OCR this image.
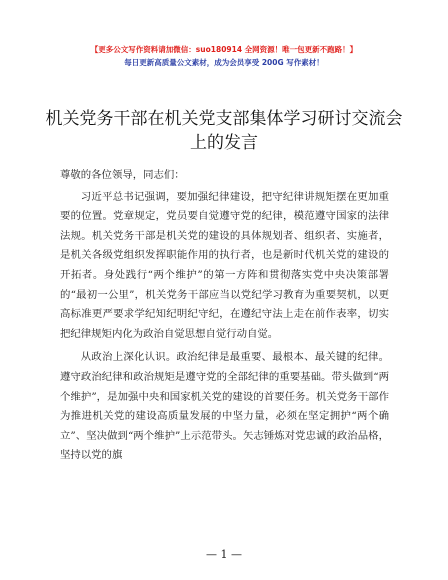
【更多公文写作资料请加微信：suo180914 全网资源！唯一包更新不跑路！】
每日更新高质量公文素材，成为会员享受 200G 写作素材！
机关党务干部在机关党支部集体学习研讨交流会上的发言

尊敬的各位领导，同志们：

习近平总书记强调，要加强纪律建设，把守纪律讲规矩摆在更加重要的位置。党章规定，党员要自觉遵守党的纪律，模范遵守国家的法律法规。机关党务干部是机关党的建设的具体规划者、组织者、实施者，是机关各级党组织发挥职能作用的执行者，也是新时代机关党的建设的开拓者。身处践行“两个维护”的第一方阵和贯彻落实党中央决策部署的“最初一公里”，机关党务干部应当以党纪学习教育为重要契机，以更高标准更严要求学纪知纪明纪守纪，在遵纪守法上走在前作表率，切实把纪律规矩内化为政治自觉思想自觉行动自觉。

从政治上深化认识。政治纪律是最重要、最根本、最关键的纪律。遵守政治纪律和政治规矩是遵守党的全部纪律的重要基础。带头做到“两个维护”，是加强中央和国家机关党的建设的首要任务。机关党务干部作为推进机关党的建设高质量发展的中坚力量，必须在坚定拥护“两个确立”、坚决做到“两个维护”上示范带头。矢志锤炼对党忠诚的政治品格，坚持以党的旗

— 1 —
